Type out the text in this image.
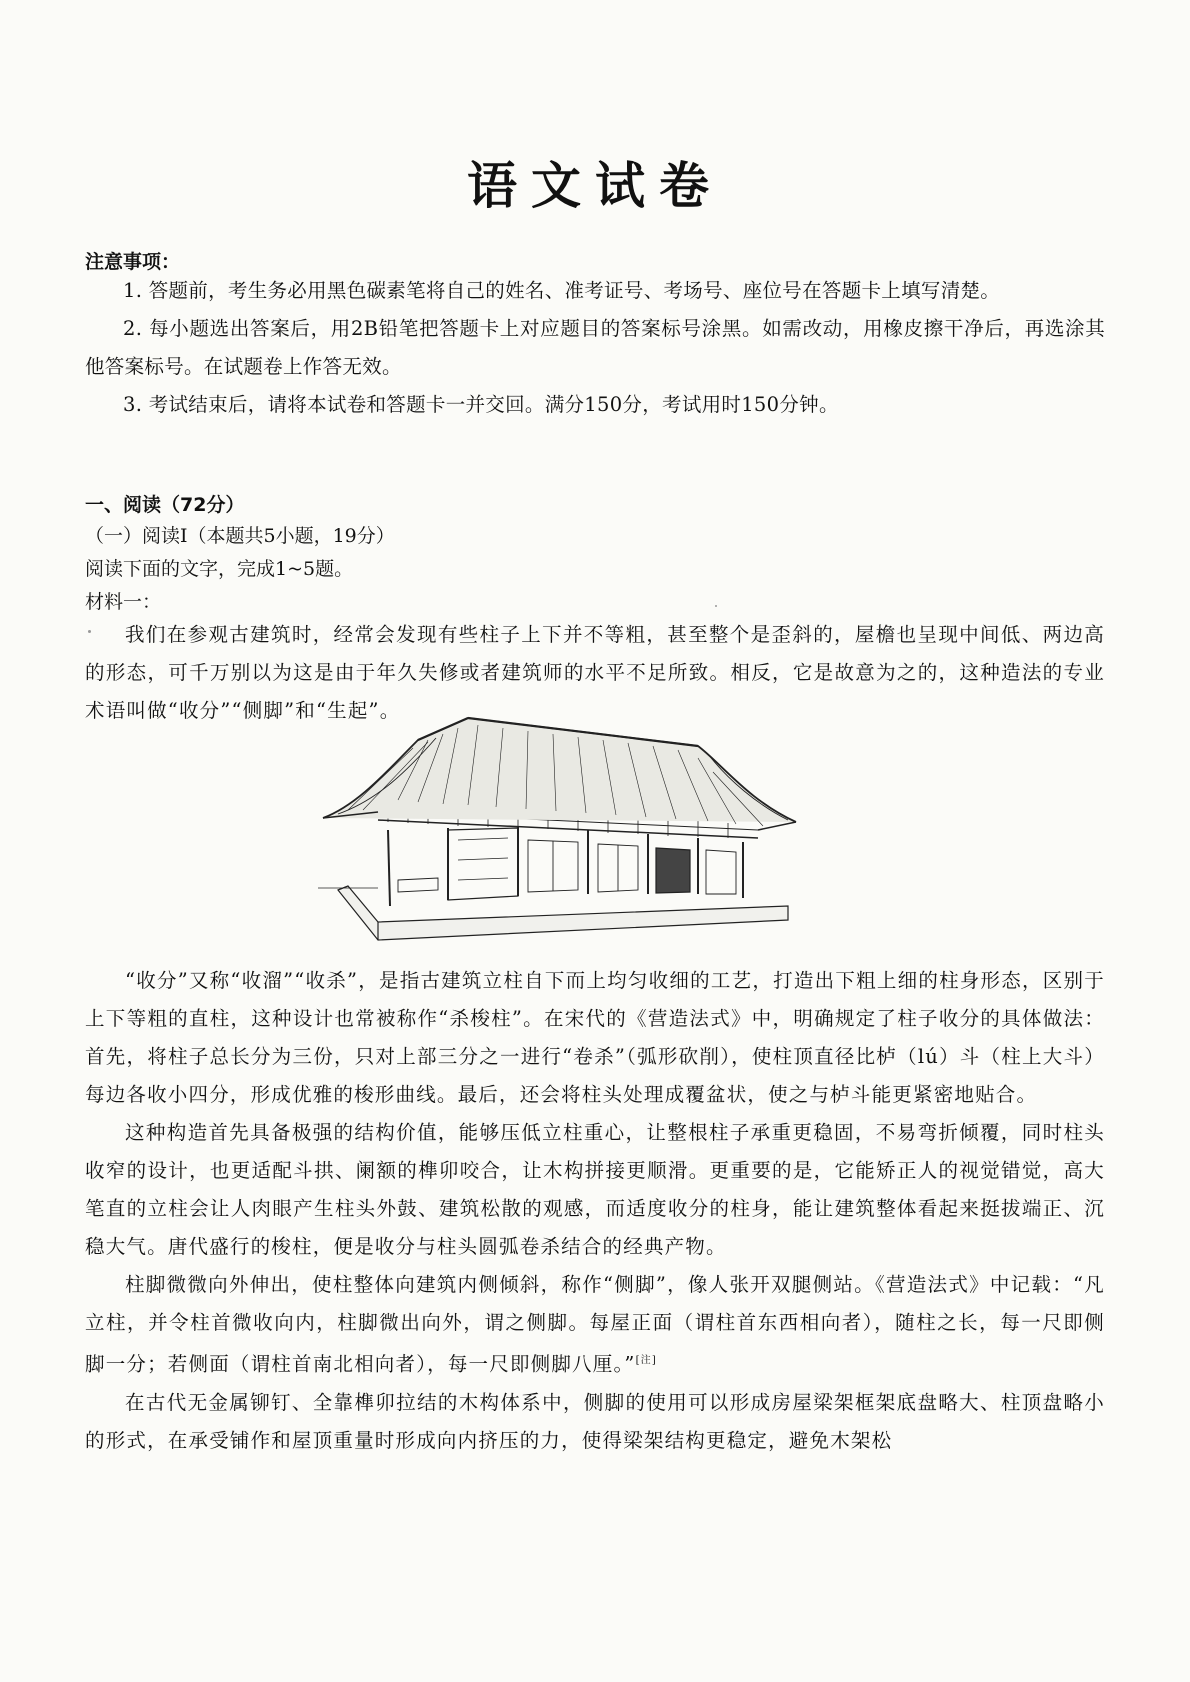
语文试卷
注意事项：

1. 答题前，考生务必用黑色碳素笔将自己的姓名、准考证号、考场号、座位号在答题卡上填写清楚。

2. 每小题选出答案后，用2B铅笔把答题卡上对应题目的答案标号涂黑。如需改动，用橡皮擦干净后，再选涂其他答案标号。在试题卷上作答无效。

3. 考试结束后，请将本试卷和答题卡一并交回。满分150分，考试用时150分钟。

一、阅读（72分）
（一）阅读Ⅰ（本题共5小题，19分）
阅读下面的文字，完成1~5题。
材料一：

我们在参观古建筑时，经常会发现有些柱子上下并不等粗，甚至整个是歪斜的，屋檐也呈现中间低、两边高的形态，可千万别以为这是由于年久失修或者建筑师的水平不足所致。相反，它是故意为之的，这种造法的专业术语叫做“收分”“侧脚”和“生起”。

“收分”又称“收溜”“收杀”，是指古建筑立柱自下而上均匀收细的工艺，打造出下粗上细的柱身形态，区别于上下等粗的直柱，这种设计也常被称作“杀梭柱”。在宋代的《营造法式》中，明确规定了柱子收分的具体做法：首先，将柱子总长分为三份，只对上部三分之一进行“卷杀”（弧形砍削），使柱顶直径比栌（lú）斗（柱上大斗）每边各收小四分，形成优雅的梭形曲线。最后，还会将柱头处理成覆盆状，使之与栌斗能更紧密地贴合。

这种构造首先具备极强的结构价值，能够压低立柱重心，让整根柱子承重更稳固，不易弯折倾覆，同时柱头收窄的设计，也更适配斗拱、阑额的榫卯咬合，让木构拼接更顺滑。更重要的是，它能矫正人的视觉错觉，高大笔直的立柱会让人肉眼产生柱头外鼓、建筑松散的观感，而适度收分的柱身，能让建筑整体看起来挺拔端正、沉稳大气。唐代盛行的梭柱，便是收分与柱头圆弧卷杀结合的经典产物。

柱脚微微向外伸出，使柱整体向建筑内侧倾斜，称作“侧脚”，像人张开双腿侧站。《营造法式》中记载：“凡立柱，并令柱首微收向内，柱脚微出向外，谓之侧脚。每屋正面（谓柱首东西相向者），随柱之长，每一尺即侧脚一分；若侧面（谓柱首南北相向者），每一尺即侧脚八厘。”[注]

在古代无金属铆钉、全靠榫卯拉结的木构体系中，侧脚的使用可以形成房屋梁架框架底盘略大、柱顶盘略小的形式，在承受铺作和屋顶重量时形成向内挤压的力，使得梁架结构更稳定，避免木架松
